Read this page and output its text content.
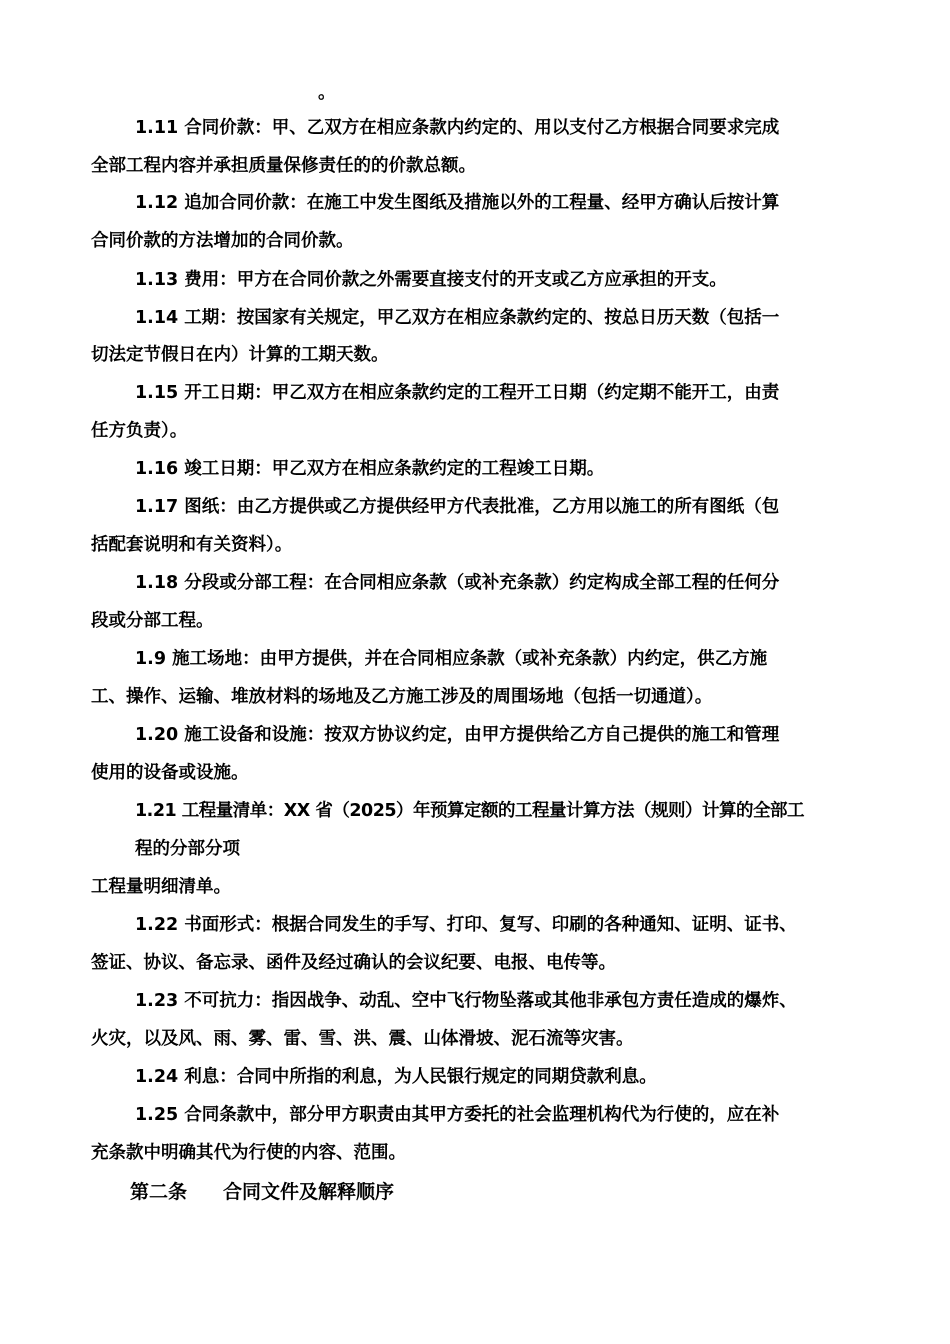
。

1.11 合同价款：甲、乙双方在相应条款内约定的、用以支付乙方根据合同要求完成

全部工程内容并承担质量保修责任的的价款总额。

1.12 追加合同价款：在施工中发生图纸及措施以外的工程量、经甲方确认后按计算

合同价款的方法增加的合同价款。

1.13 费用：甲方在合同价款之外需要直接支付的开支或乙方应承担的开支。

1.14 工期：按国家有关规定，甲乙双方在相应条款约定的、按总日历天数（包括一

切法定节假日在内）计算的工期天数。

1.15 开工日期：甲乙双方在相应条款约定的工程开工日期（约定期不能开工，由责

任方负责）。

1.16 竣工日期：甲乙双方在相应条款约定的工程竣工日期。

1.17 图纸：由乙方提供或乙方提供经甲方代表批准，乙方用以施工的所有图纸（包

括配套说明和有关资料）。

1.18 分段或分部工程：在合同相应条款（或补充条款）约定构成全部工程的任何分

段或分部工程。

1.9 施工场地：由甲方提供，并在合同相应条款（或补充条款）内约定，供乙方施

工、操作、运输、堆放材料的场地及乙方施工涉及的周围场地（包括一切通道）。

1.20 施工设备和设施：按双方协议约定，由甲方提供给乙方自己提供的施工和管理

使用的设备或设施。

1.21 工程量清单：XX 省（2025）年预算定额的工程量计算方法（规则）计算的全部工

程的分部分项

工程量明细清单。

1.22 书面形式：根据合同发生的手写、打印、复写、印刷的各种通知、证明、证书、

签证、协议、备忘录、函件及经过确认的会议纪要、电报、电传等。

1.23 不可抗力：指因战争、动乱、空中飞行物坠落或其他非承包方责任造成的爆炸、

火灾，以及风、雨、雾、雷、雪、洪、震、山体滑坡、泥石流等灾害。

1.24 利息：合同中所指的利息，为人民银行规定的同期贷款利息。

1.25 合同条款中，部分甲方职责由其甲方委托的社会监理机构代为行使的，应在补

充条款中明确其代为行使的内容、范围。

第二条 合同文件及解释顺序
